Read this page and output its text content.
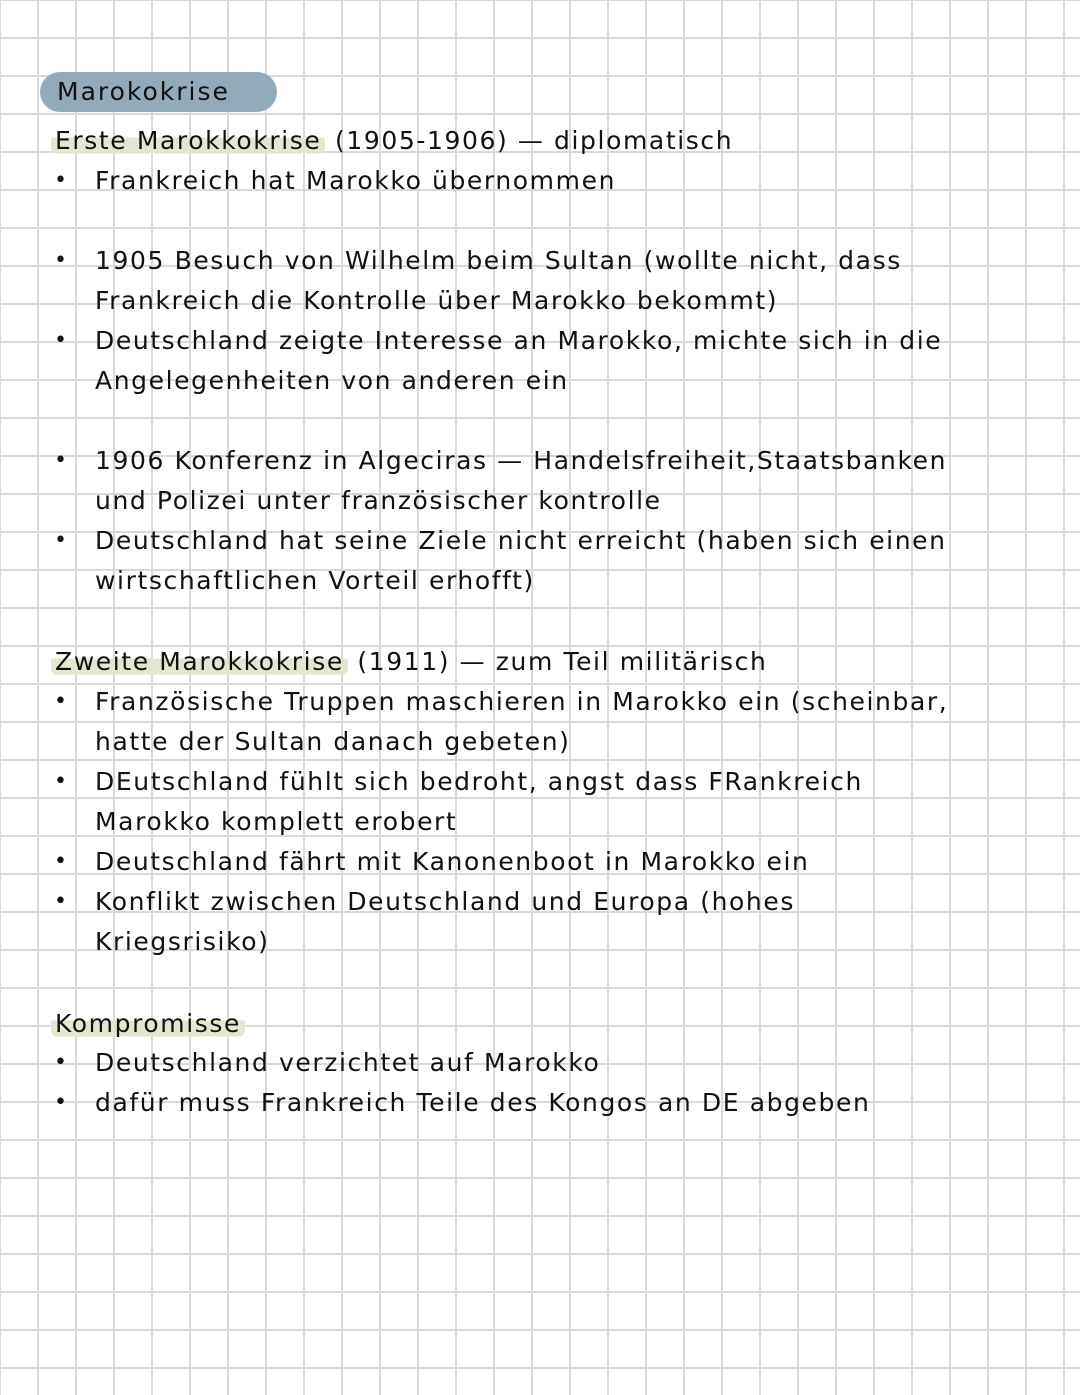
Marokokrise
Erste Marokkokrise (1905-1906) — diplomatisch
• Frankreich hat Marokko übernommen
• 1905 Besuch von Wilhelm beim Sultan (wollte nicht, dass
Frankreich die Kontrolle über Marokko bekommt)
• Deutschland zeigte Interesse an Marokko, michte sich in die
Angelegenheiten von anderen ein
• 1906 Konferenz in Algeciras — Handelsfreiheit,Staatsbanken
und Polizei unter französischer kontrolle
• Deutschland hat seine Ziele nicht erreicht (haben sich einen
wirtschaftlichen Vorteil erhofft)
Zweite Marokkokrise (1911) — zum Teil militärisch
• Französische Truppen maschieren in Marokko ein (scheinbar,
hatte der Sultan danach gebeten)
• DEutschland fühlt sich bedroht, angst dass FRankreich
Marokko komplett erobert
• Deutschland fährt mit Kanonenboot in Marokko ein
• Konflikt zwischen Deutschland und Europa (hohes
Kriegsrisiko)
Kompromisse
• Deutschland verzichtet auf Marokko
• dafür muss Frankreich Teile des Kongos an DE abgeben
